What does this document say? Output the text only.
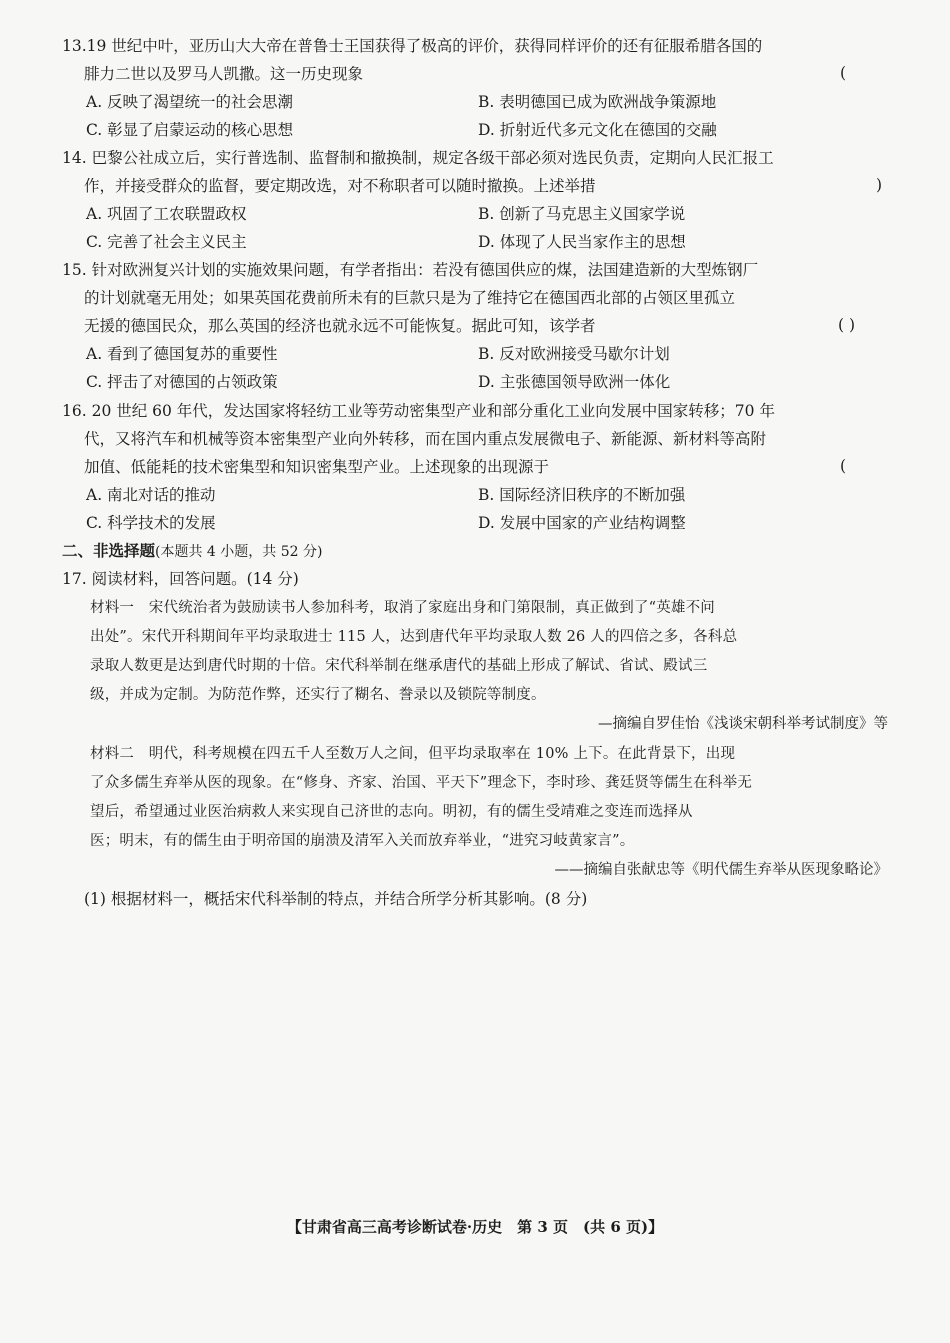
13.19 世纪中叶，亚历山大大帝在普鲁士王国获得了极高的评价，获得同样评价的还有征服希腊各国的
腓力二世以及罗马人凯撒。这一历史现象	(
A. 反映了渴望统一的社会思潮	B. 表明德国已成为欧洲战争策源地
C. 彰显了启蒙运动的核心思想	D. 折射近代多元文化在德国的交融
14. 巴黎公社成立后，实行普选制、监督制和撤换制，规定各级干部必须对选民负责，定期向人民汇报工
作，并接受群众的监督，要定期改选，对不称职者可以随时撤换。上述举措	)
A. 巩固了工农联盟政权	B. 创新了马克思主义国家学说
C. 完善了社会主义民主	D. 体现了人民当家作主的思想
15. 针对欧洲复兴计划的实施效果问题，有学者指出：若没有德国供应的煤，法国建造新的大型炼钢厂
的计划就毫无用处；如果英国花费前所未有的巨款只是为了维持它在德国西北部的占领区里孤立
无援的德国民众，那么英国的经济也就永远不可能恢复。据此可知，该学者	( )
A. 看到了德国复苏的重要性	B. 反对欧洲接受马歇尔计划
C. 抨击了对德国的占领政策	D. 主张德国领导欧洲一体化
16. 20 世纪 60 年代，发达国家将轻纺工业等劳动密集型产业和部分重化工业向发展中国家转移；70 年
代，又将汽车和机械等资本密集型产业向外转移，而在国内重点发展微电子、新能源、新材料等高附
加值、低能耗的技术密集型和知识密集型产业。上述现象的出现源于	(
A. 南北对话的推动	B. 国际经济旧秩序的不断加强
C. 科学技术的发展	D. 发展中国家的产业结构调整
二、非选择题(本题共 4 小题，共 52 分)
17. 阅读材料，回答问题。(14 分)
材料一　宋代统治者为鼓励读书人参加科考，取消了家庭出身和门第限制，真正做到了“英雄不问
出处”。宋代开科期间年平均录取进士 115 人，达到唐代年平均录取人数 26 人的四倍之多，各科总
录取人数更是达到唐代时期的十倍。宋代科举制在继承唐代的基础上形成了解试、省试、殿试三
级，并成为定制。为防范作弊，还实行了糊名、誊录以及锁院等制度。
—摘编自罗佳怡《浅谈宋朝科举考试制度》等
材料二　明代，科考规模在四五千人至数万人之间，但平均录取率在 10% 上下。在此背景下，出现
了众多儒生弃举从医的现象。在“修身、齐家、治国、平天下”理念下，李时珍、龚廷贤等儒生在科举无
望后，希望通过业医治病救人来实现自己济世的志向。明初，有的儒生受靖难之变连而选择从
医；明末，有的儒生由于明帝国的崩溃及清军入关而放弃举业，“进究习岐黄家言”。
——摘编自张献忠等《明代儒生弃举从医现象略论》
(1) 根据材料一，概括宋代科举制的特点，并结合所学分析其影响。(8 分)
【甘肃省高三高考诊断试卷·历史　第 3 页　(共 6 页)】
